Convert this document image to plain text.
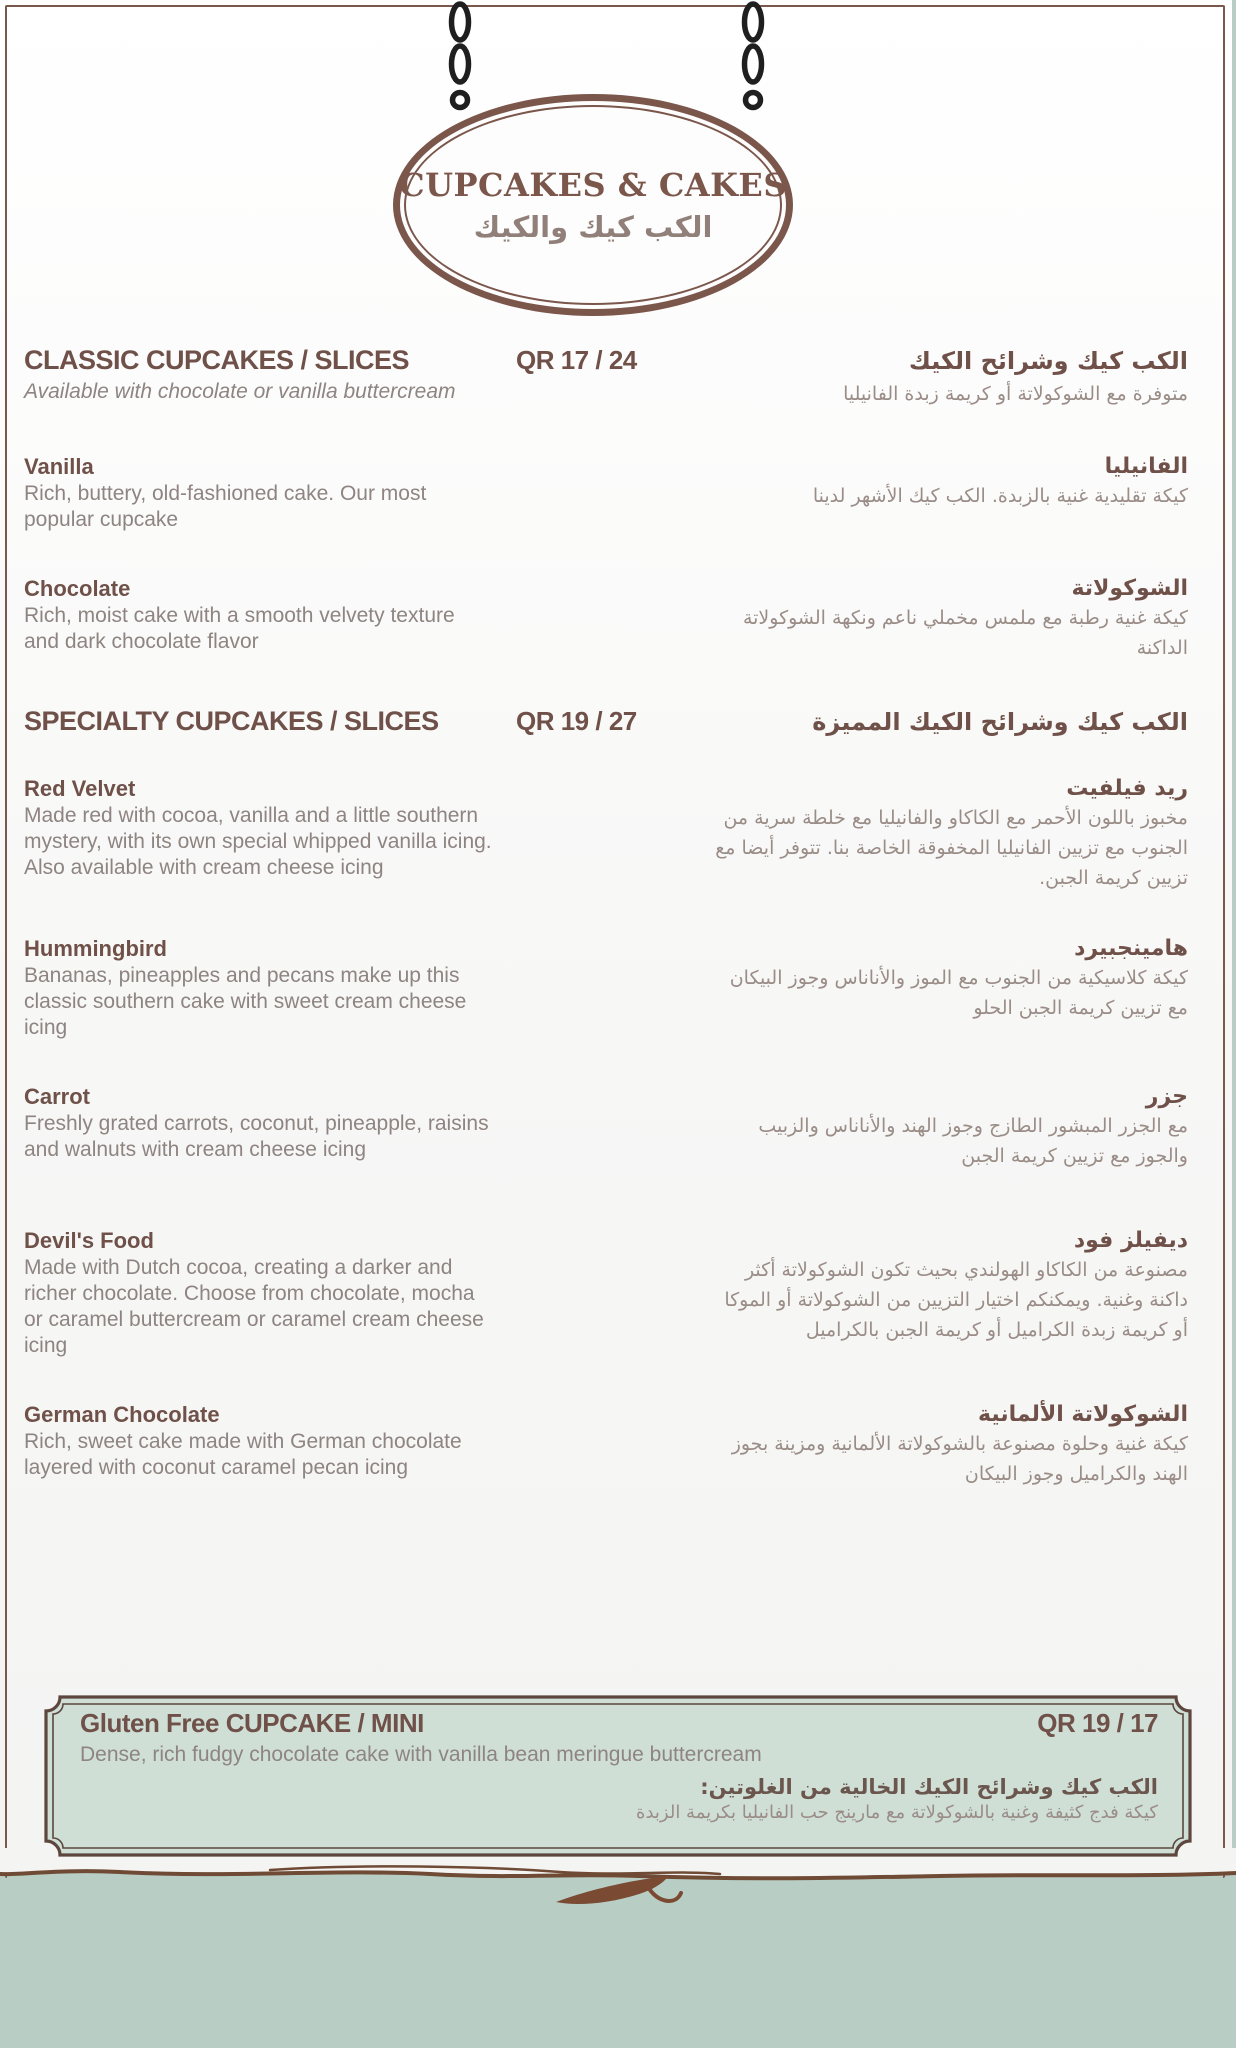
CUPCAKES & CAKES
الكب كيك والكيك
CLASSIC CUPCAKES / SLICES	QR 17 / 24	الكب كيك وشرائح الكيك
Available with chocolate or vanilla buttercream	متوفرة مع الشوكولاتة أو كريمة زبدة الفانيليا
Vanilla
Rich, buttery, old-fashioned cake. Our most popular cupcake
الفانيليا
كيكة تقليدية غنية بالزبدة. الكب كيك الأشهر لدينا
Chocolate
Rich, moist cake with a smooth velvety texture and dark chocolate flavor
الشوكولاتة
كيكة غنية رطبة مع ملمس مخملي ناعم ونكهة الشوكولاتة الداكنة
SPECIALTY CUPCAKES / SLICES	QR 19 / 27	الكب كيك وشرائح الكيك المميزة
Red Velvet
Made red with cocoa, vanilla and a little southern mystery, with its own special whipped vanilla icing. Also available with cream cheese icing
ريد فيلفيت
مخبوز باللون الأحمر مع الكاكاو والفانيليا مع خلطة سرية من الجنوب مع تزيين الفانيليا المخفوقة الخاصة بنا. تتوفر أيضا مع تزيين كريمة الجبن.
Hummingbird
Bananas, pineapples and pecans make up this classic southern cake with sweet cream cheese icing
هامينجبيرد
كيكة كلاسيكية من الجنوب مع الموز والأناناس وجوز البيكان مع تزيين كريمة الجبن الحلو
Carrot
Freshly grated carrots, coconut, pineapple, raisins and walnuts with cream cheese icing
جزر
مع الجزر المبشور الطازج وجوز الهند والأناناس والزبيب والجوز مع تزيين كريمة الجبن
Devil's Food
Made with Dutch cocoa, creating a darker and richer chocolate. Choose from chocolate, mocha or caramel buttercream or caramel cream cheese icing
ديفيلز فود
مصنوعة من الكاكاو الهولندي بحيث تكون الشوكولاتة أكثر داكنة وغنية. ويمكنكم اختيار التزيين من الشوكولاتة أو الموكا أو كريمة زبدة الكراميل أو كريمة الجبن بالكراميل
German Chocolate
Rich, sweet cake made with German chocolate layered with coconut caramel pecan icing
الشوكولاتة الألمانية
كيكة غنية وحلوة مصنوعة بالشوكولاتة الألمانية ومزينة بجوز الهند والكراميل وجوز البيكان
Gluten Free CUPCAKE / MINI	QR 19 / 17
Dense, rich fudgy chocolate cake with vanilla bean meringue buttercream
الكب كيك وشرائح الكيك الخالية من الغلوتين:
كيكة فدج كثيفة وغنية بالشوكولاتة مع مارينج حب الفانيليا بكريمة الزبدة
